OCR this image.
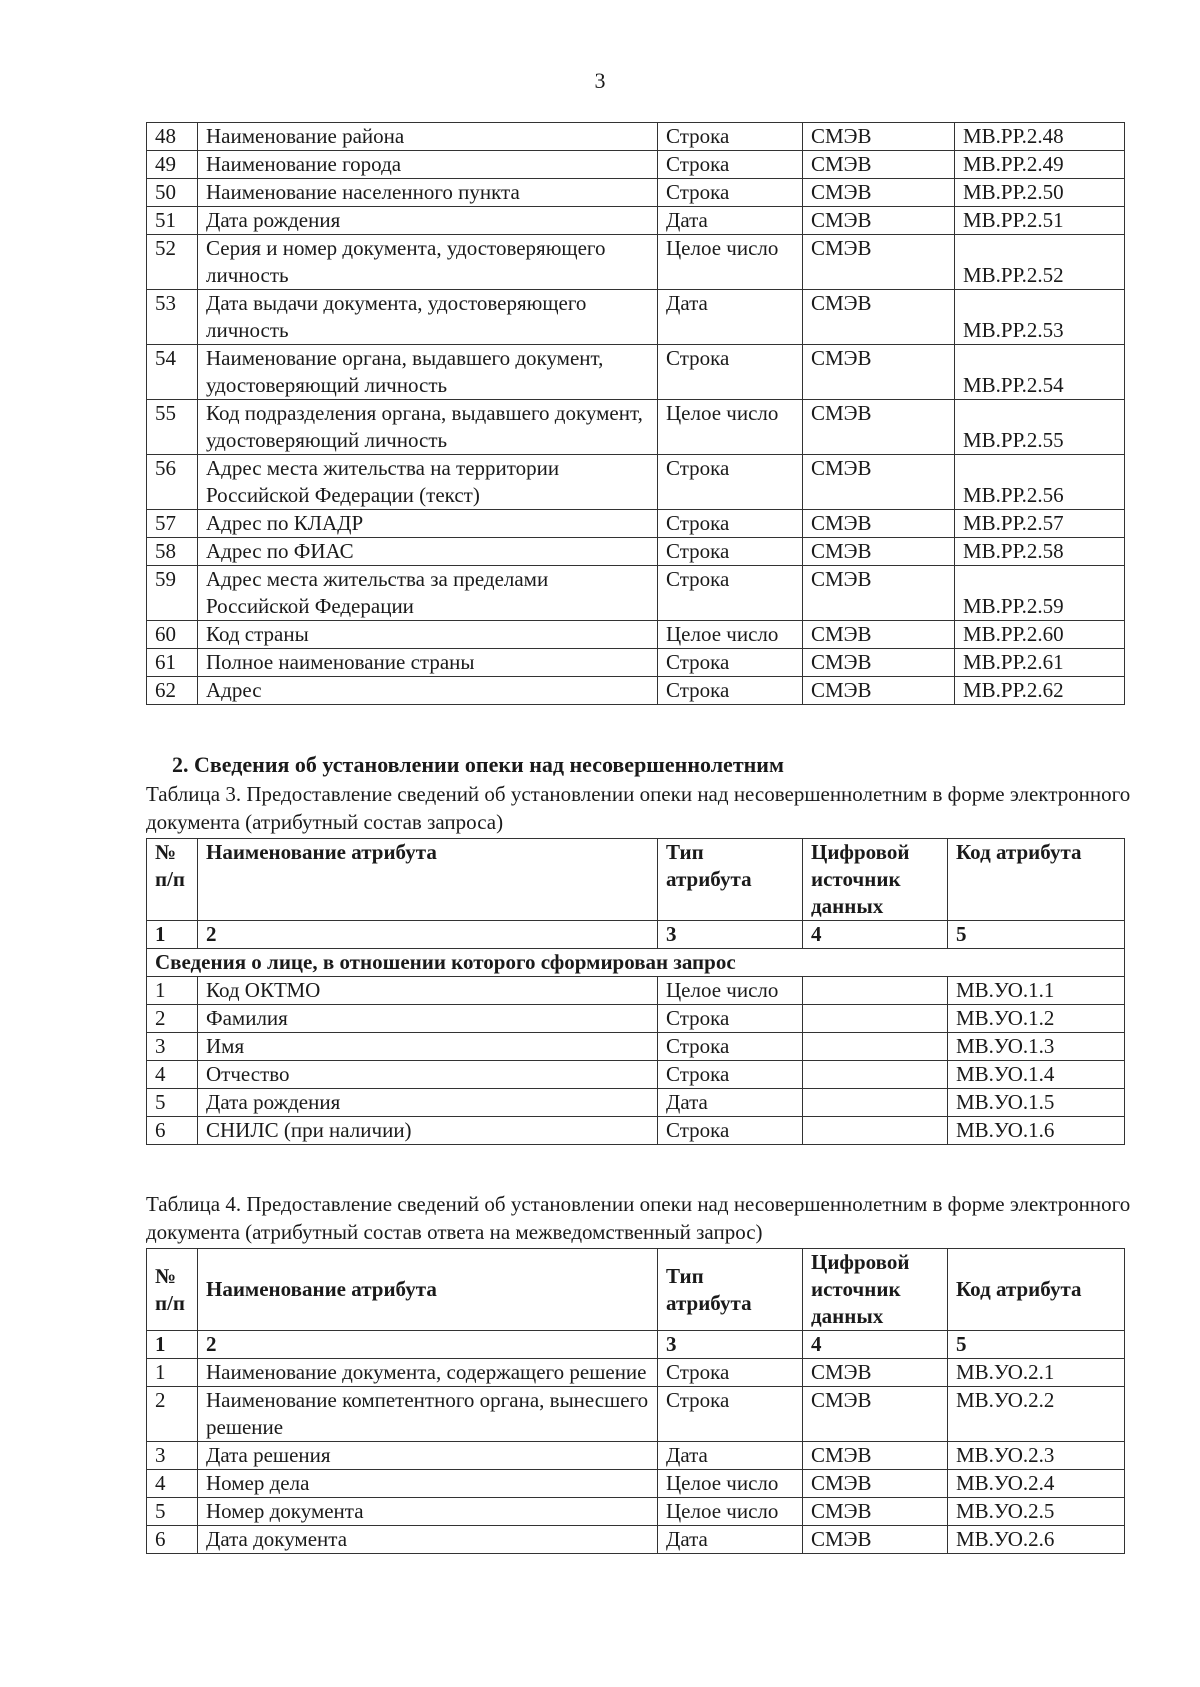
3
48	Наименование района	Строка	СМЭВ	МВ.РР.2.48
49	Наименование города	Строка	СМЭВ	МВ.РР.2.49
50	Наименование населенного пункта	Строка	СМЭВ	МВ.РР.2.50
51	Дата рождения	Дата	СМЭВ	МВ.РР.2.51
52	Серия и номер документа, удостоверяющего личность	Целое число	СМЭВ	МВ.РР.2.52
53	Дата выдачи документа, удостоверяющего личность	Дата	СМЭВ	МВ.РР.2.53
54	Наименование органа, выдавшего документ, удостоверяющий личность	Строка	СМЭВ	МВ.РР.2.54
55	Код подразделения органа, выдавшего документ, удостоверяющий личность	Целое число	СМЭВ	МВ.РР.2.55
56	Адрес места жительства на территории Российской Федерации (текст)	Строка	СМЭВ	МВ.РР.2.56
57	Адрес по КЛАДР	Строка	СМЭВ	МВ.РР.2.57
58	Адрес по ФИАС	Строка	СМЭВ	МВ.РР.2.58
59	Адрес места жительства за пределами Российской Федерации	Строка	СМЭВ	МВ.РР.2.59
60	Код страны	Целое число	СМЭВ	МВ.РР.2.60
61	Полное наименование страны	Строка	СМЭВ	МВ.РР.2.61
62	Адрес	Строка	СМЭВ	МВ.РР.2.62
2. Сведения об установлении опеки над несовершеннолетним
Таблица 3. Предоставление сведений об установлении опеки над несовершеннолетним в форме электронного документа (атрибутный состав запроса)
№ п/п	Наименование атрибута	Тип атрибута	Цифровой источник данных	Код атрибута
1	2	3	4	5
Сведения о лице, в отношении которого сформирован запрос				
1	Код ОКТМО	Целое число		МВ.УО.1.1
2	Фамилия	Строка		МВ.УО.1.2
3	Имя	Строка		МВ.УО.1.3
4	Отчество	Строка		МВ.УО.1.4
5	Дата рождения	Дата		МВ.УО.1.5
6	СНИЛС (при наличии)	Строка		МВ.УО.1.6
Таблица 4. Предоставление сведений об установлении опеки над несовершеннолетним в форме электронного документа (атрибутный состав ответа на межведомственный запрос)
№ п/п	Наименование атрибута	Тип атрибута	Цифровой источник данных	Код атрибута
1	2	3	4	5
1	Наименование документа, содержащего решение	Строка	СМЭВ	МВ.УО.2.1
2	Наименование компетентного органа, вынесшего решение	Строка	СМЭВ	МВ.УО.2.2
3	Дата решения	Дата	СМЭВ	МВ.УО.2.3
4	Номер дела	Целое число	СМЭВ	МВ.УО.2.4
5	Номер документа	Целое число	СМЭВ	МВ.УО.2.5
6	Дата документа	Дата	СМЭВ	МВ.УО.2.6
